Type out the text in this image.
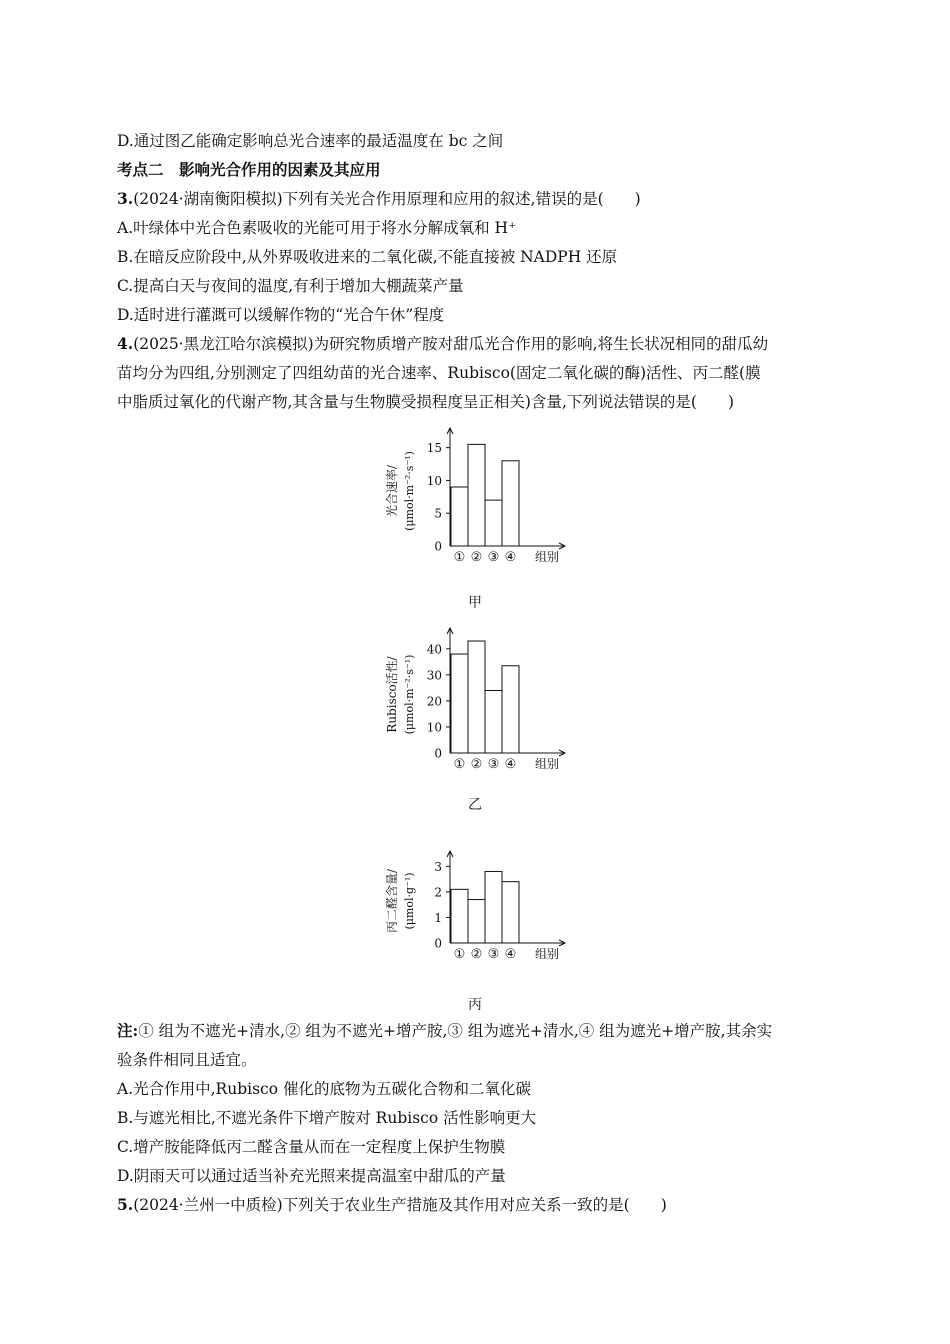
D.通过图乙能确定影响总光合速率的最适温度在 bc 之间
考点二　影响光合作用的因素及其应用
3.(2024·湖南衡阳模拟)下列有关光合作用原理和应用的叙述,错误的是(　　)
A.叶绿体中光合色素吸收的光能可用于将水分解成氧和 H⁺
B.在暗反应阶段中,从外界吸收进来的二氧化碳,不能直接被 NADPH 还原
C.提高白天与夜间的温度,有利于增加大棚蔬菜产量
D.适时进行灌溉可以缓解作物的“光合午休”程度
4.(2025·黑龙江哈尔滨模拟)为研究物质增产胺对甜瓜光合作用的影响,将生长状况相同的甜瓜幼
苗均分为四组,分别测定了四组幼苗的光合速率、Rubisco(固定二氧化碳的酶)活性、丙二醛(膜
中脂质过氧化的代谢产物,其含量与生物膜受损程度呈正相关)含量,下列说法错误的是(　　)
0
5
10
15
① ② ③ ④ 组别
光合速率/ (μmol·m⁻²·s⁻¹)
甲
0
10
20
30
40
① ② ③ ④ 组别
Rubisco活性/ (μmol·m⁻²·s⁻¹)
乙
0
1
2
3
① ② ③ ④ 组别
丙二醛含量/ (μmol·g⁻¹)
丙
注:① 组为不遮光+清水,② 组为不遮光+增产胺,③ 组为遮光+清水,④ 组为遮光+增产胺,其余实
验条件相同且适宜。
A.光合作用中,Rubisco 催化的底物为五碳化合物和二氧化碳
B.与遮光相比,不遮光条件下增产胺对 Rubisco 活性影响更大
C.增产胺能降低丙二醛含量从而在一定程度上保护生物膜
D.阴雨天可以通过适当补充光照来提高温室中甜瓜的产量
5.(2024·兰州一中质检)下列关于农业生产措施及其作用对应关系一致的是(　　)
